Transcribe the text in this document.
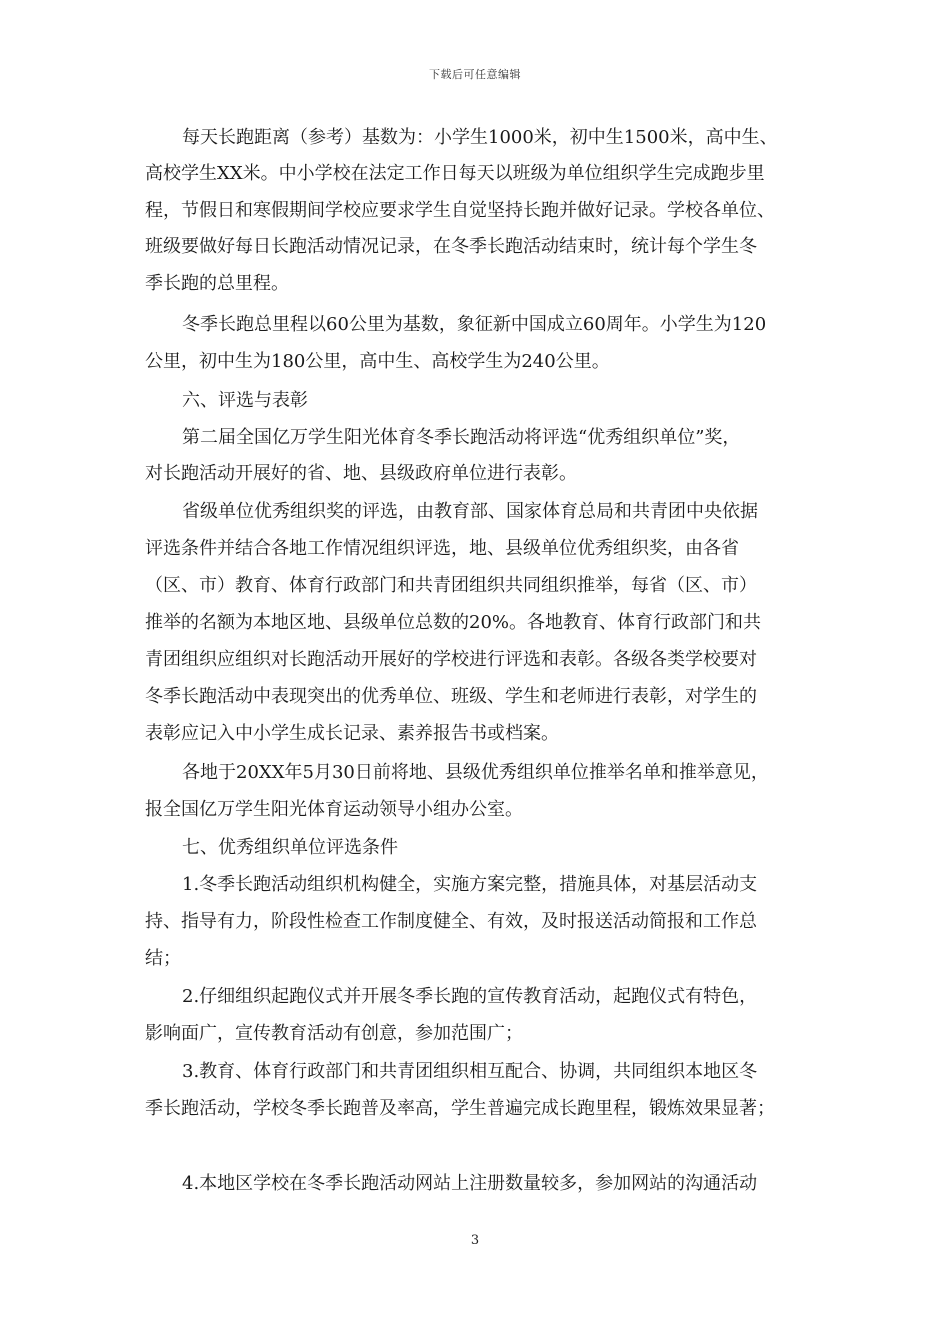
下载后可任意编辑
每天长跑距离（参考）基数为：小学生1000米，初中生1500米，高中生、
高校学生XX米。中小学校在法定工作日每天以班级为单位组织学生完成跑步里
程，节假日和寒假期间学校应要求学生自觉坚持长跑并做好记录。学校各单位、
班级要做好每日长跑活动情况记录，在冬季长跑活动结束时，统计每个学生冬
季长跑的总里程。
冬季长跑总里程以60公里为基数，象征新中国成立60周年。小学生为120
公里，初中生为180公里，高中生、高校学生为240公里。
六、评选与表彰
第二届全国亿万学生阳光体育冬季长跑活动将评选“优秀组织单位”奖，
对长跑活动开展好的省、地、县级政府单位进行表彰。
省级单位优秀组织奖的评选，由教育部、国家体育总局和共青团中央依据
评选条件并结合各地工作情况组织评选，地、县级单位优秀组织奖，由各省
（区、市）教育、体育行政部门和共青团组织共同组织推举，每省（区、市）
推举的名额为本地区地、县级单位总数的20%。各地教育、体育行政部门和共
青团组织应组织对长跑活动开展好的学校进行评选和表彰。各级各类学校要对
冬季长跑活动中表现突出的优秀单位、班级、学生和老师进行表彰，对学生的
表彰应记入中小学生成长记录、素养报告书或档案。
各地于20XX年5月30日前将地、县级优秀组织单位推举名单和推举意见，
报全国亿万学生阳光体育运动领导小组办公室。
七、优秀组织单位评选条件
1.冬季长跑活动组织机构健全，实施方案完整，措施具体，对基层活动支
持、指导有力，阶段性检查工作制度健全、有效，及时报送活动简报和工作总
结；
2.仔细组织起跑仪式并开展冬季长跑的宣传教育活动，起跑仪式有特色，
影响面广，宣传教育活动有创意，参加范围广；
3.教育、体育行政部门和共青团组织相互配合、协调，共同组织本地区冬
季长跑活动，学校冬季长跑普及率高，学生普遍完成长跑里程，锻炼效果显著；
4.本地区学校在冬季长跑活动网站上注册数量较多，参加网站的沟通活动
3
